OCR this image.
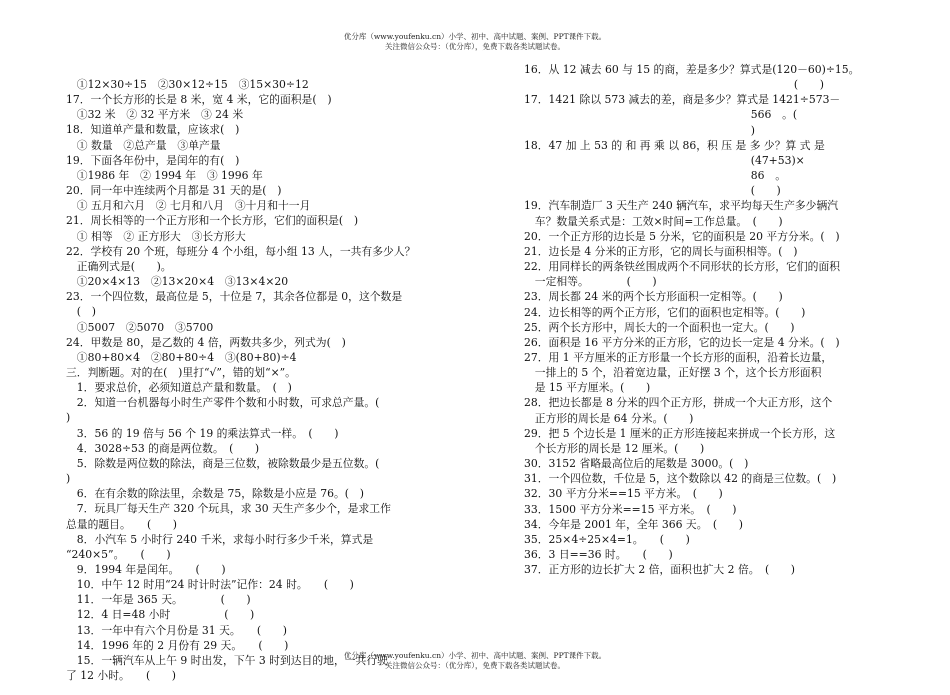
优分库（www.youfenku.cn）小学、初中、高中试题、案例、PPT课件下载。
关注微信公众号：（优分库），免费下载各类试题试卷。
　①12×30÷15　②30×12÷15　③15×30÷12
17．一个长方形的长是 8 米，宽 4 米，它的面积是(　)
　①32 米　② 32 平方米　③ 24 米
18．知道单产量和数量，应该求(　)
　① 数量　②总产量　③单产量
19．下面各年份中，是闰年的有(　)
　①1986 年　② 1994 年　③ 1996 年
20．同一年中连续两个月都是 31 天的是(　)
　① 五月和六月　② 七月和八月　③十月和十一月
21．周长相等的一个正方形和一个长方形，它们的面积是(　)
　① 相等　② 正方形大　③长方形大
22．学校有 20 个班，每班分 4 个小组，每小组 13 人，一共有多少人？
　正确列式是(　　)。
　①20×4×13　②13×20×4　③13×4×20
23．一个四位数，最高位是 5，十位是 7，其余各位都是 0，这个数是
　(　)
　①5007　②5070　③5700
24．甲数是 80，是乙数的 4 倍，两数共多少，列式为(　)
　①80+80×4　②80+80÷4　③(80+80)÷4
三．判断题。对的在(　)里打“√”，错的划“×”。
　1．要求总价，必须知道总产量和数量。　(　)
　2．知道一台机器每小时生产零件个数和小时数，可求总产量。(
)
　3．56 的 19 倍与 56 个 19 的乘法算式一样。　(　　)
　4．3028÷53 的商是两位数。　(　　)
　5．除数是两位数的除法，商是三位数，被除数最少是五位数。(
)
　6．在有余数的除法里，余数是 75，除数是小应是 76。(　)
　7．玩具厂每天生产 320 个玩具，求 30 天生产多少个，是求工作
总量的题目。　　(　　)
　8．小汽车 5 小时行 240 千米，求每小时行多少千米，算式是
“240×5”。　　(　　)
　9．1994 年是闰年。　　(　　)
　10．中午 12 时用“24 时计时法”记作：24 时。　　(　　)
　11．一年是 365 天。　　　　(　　)
　12．4 日=48 小时　　　　　(　　)
　13．一年中有六个月份是 31 天。　　(　　)
　14．1996 年的 2 月份有 29 天。　　(　　)
　15．一辆汽车从上午 9 时出发，下午 3 时到达目的地，一共行驶
了 12 小时。　　(　　)
16．从 12 减去 60 与 15 的商，差是多少？算式是(120－60)÷15。
　　　　　　　　　　　　　　　　　　　　　　　　　(　　)
17．1421 除以 573 减去的差，商是多少？算式是 1421÷573－
　　　　　　　　　　　　　　　　　　　　　566　。(
　　　　　　　　　　　　　　　　　　　　　)
18．47 加 上 53 的 和 再 乘 以 86，积 压 是 多 少？算 式 是
　　　　　　　　　　　　　　　　　　　　　(47+53)×
　　　　　　　　　　　　　　　　　　　　　86　。
　　　　　　　　　　　　　　　　　　　　　(　　)
19．汽车制造厂 3 天生产 240 辆汽车，求平均每天生产多少辆汽
　车？数量关系式是：工效×时间=工作总量。　(　　)
20．一个正方形的边长是 5 分米，它的面积是 20 平方分米。(　)
21．边长是 4 分米的正方形，它的周长与面积相等。(　)
22．用同样长的两条铁丝围成两个不同形状的长方形，它们的面积
　一定相等。　　　　(　　)
23．周长都 24 米的两个长方形面积一定相等。(　　)
24．边长相等的两个正方形，它们的面积也定相等。(　　)
25．两个长方形中，周长大的一个面积也一定大。(　　)
26．面积是 16 平方分米的正方形，它的边长一定是 4 分米。(　)
27．用 1 平方厘米的正方形量一个长方形的面积，沿着长边量，
　一排上的 5 个，沿着宽边量，正好摆 3 个，这个长方形面积
　是 15 平方厘米。(　　)
28．把边长都是 8 分米的四个正方形，拼成一个大正方形，这个
　正方形的周长是 64 分米。(　　)
29．把 5 个边长是 1 厘米的正方形连接起来拼成一个长方形，这
　个长方形的周长是 12 厘米。(　　)
30．3152 省略最高位后的尾数是 3000。(　)
31．一个四位数，千位是 5，这个数除以 42 的商是三位数。(　)
32．30 平方分米==15 平方米。　(　　)
33．1500 平方分米==15 平方米。　(　　)
34．今年是 2001 年，全年 366 天。　(　　)
35．25×4÷25×4=1。　　(　　)
36．3 日==36 时。　　(　　)
37．正方形的边长扩大 2 倍，面积也扩大 2 倍。　(　　)
优分库（www.youfenku.cn）小学、初中、高中试题、案例、PPT课件下载。
关注微信公众号：（优分库），免费下载各类试题试卷。
